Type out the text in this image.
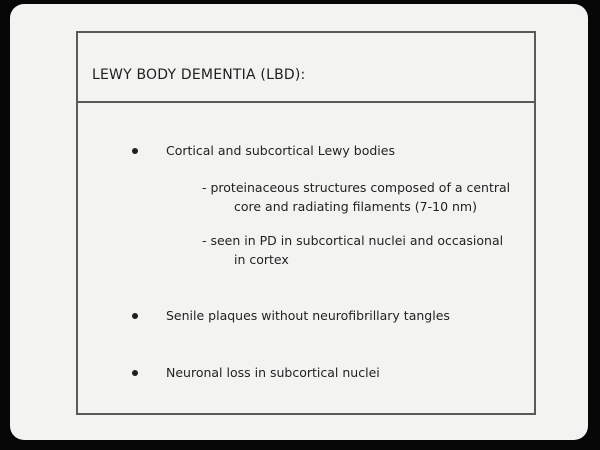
LEWY BODY DEMENTIA (LBD):
Cortical and subcortical Lewy bodies
- proteinaceous structures composed of a central
core and radiating filaments (7-10 nm)
- seen in PD in subcortical nuclei and occasional
in cortex
Senile plaques without neurofibrillary tangles
Neuronal loss in subcortical nuclei
